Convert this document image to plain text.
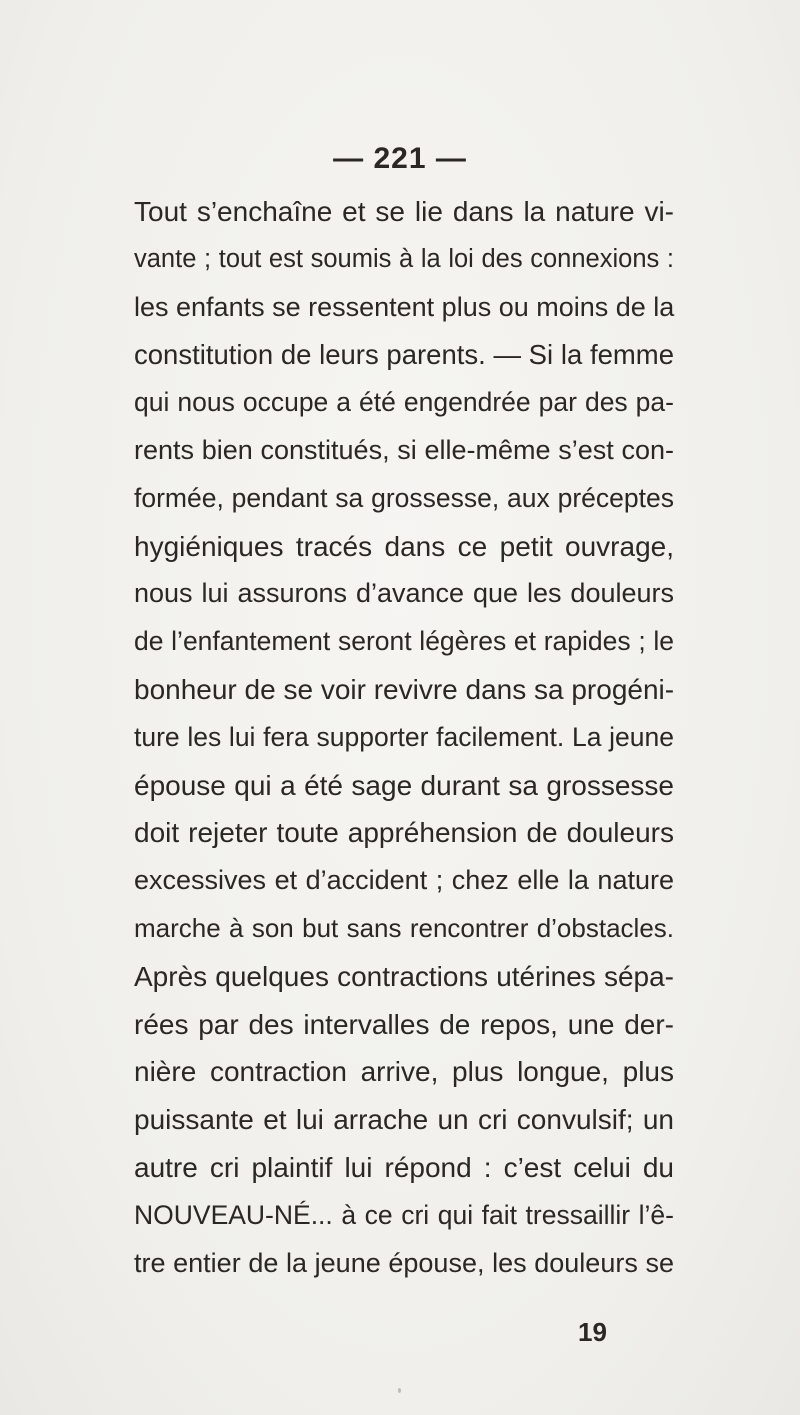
— 221 —
Tout s’enchaîne et se lie dans la nature vi-
vante ; tout est soumis à la loi des connexions :
les enfants se ressentent plus ou moins de la
constitution de leurs parents. — Si la femme
qui nous occupe a été engendrée par des pa-
rents bien constitués, si elle-même s’est con-
formée, pendant sa grossesse, aux préceptes
hygiéniques tracés dans ce petit ouvrage,
nous lui assurons d’avance que les douleurs
de l’enfantement seront légères et rapides ; le
bonheur de se voir revivre dans sa progéni-
ture les lui fera supporter facilement. La jeune
épouse qui a été sage durant sa grossesse
doit rejeter toute appréhension de douleurs
excessives et d’accident ; chez elle la nature
marche à son but sans rencontrer d’obstacles.
Après quelques contractions utérines sépa-
rées par des intervalles de repos, une der-
nière contraction arrive, plus longue, plus
puissante et lui arrache un cri convulsif; un
autre cri plaintif lui répond : c’est celui du
NOUVEAU-NÉ... à ce cri qui fait tressaillir l’ê-
tre entier de la jeune épouse, les douleurs se
19
